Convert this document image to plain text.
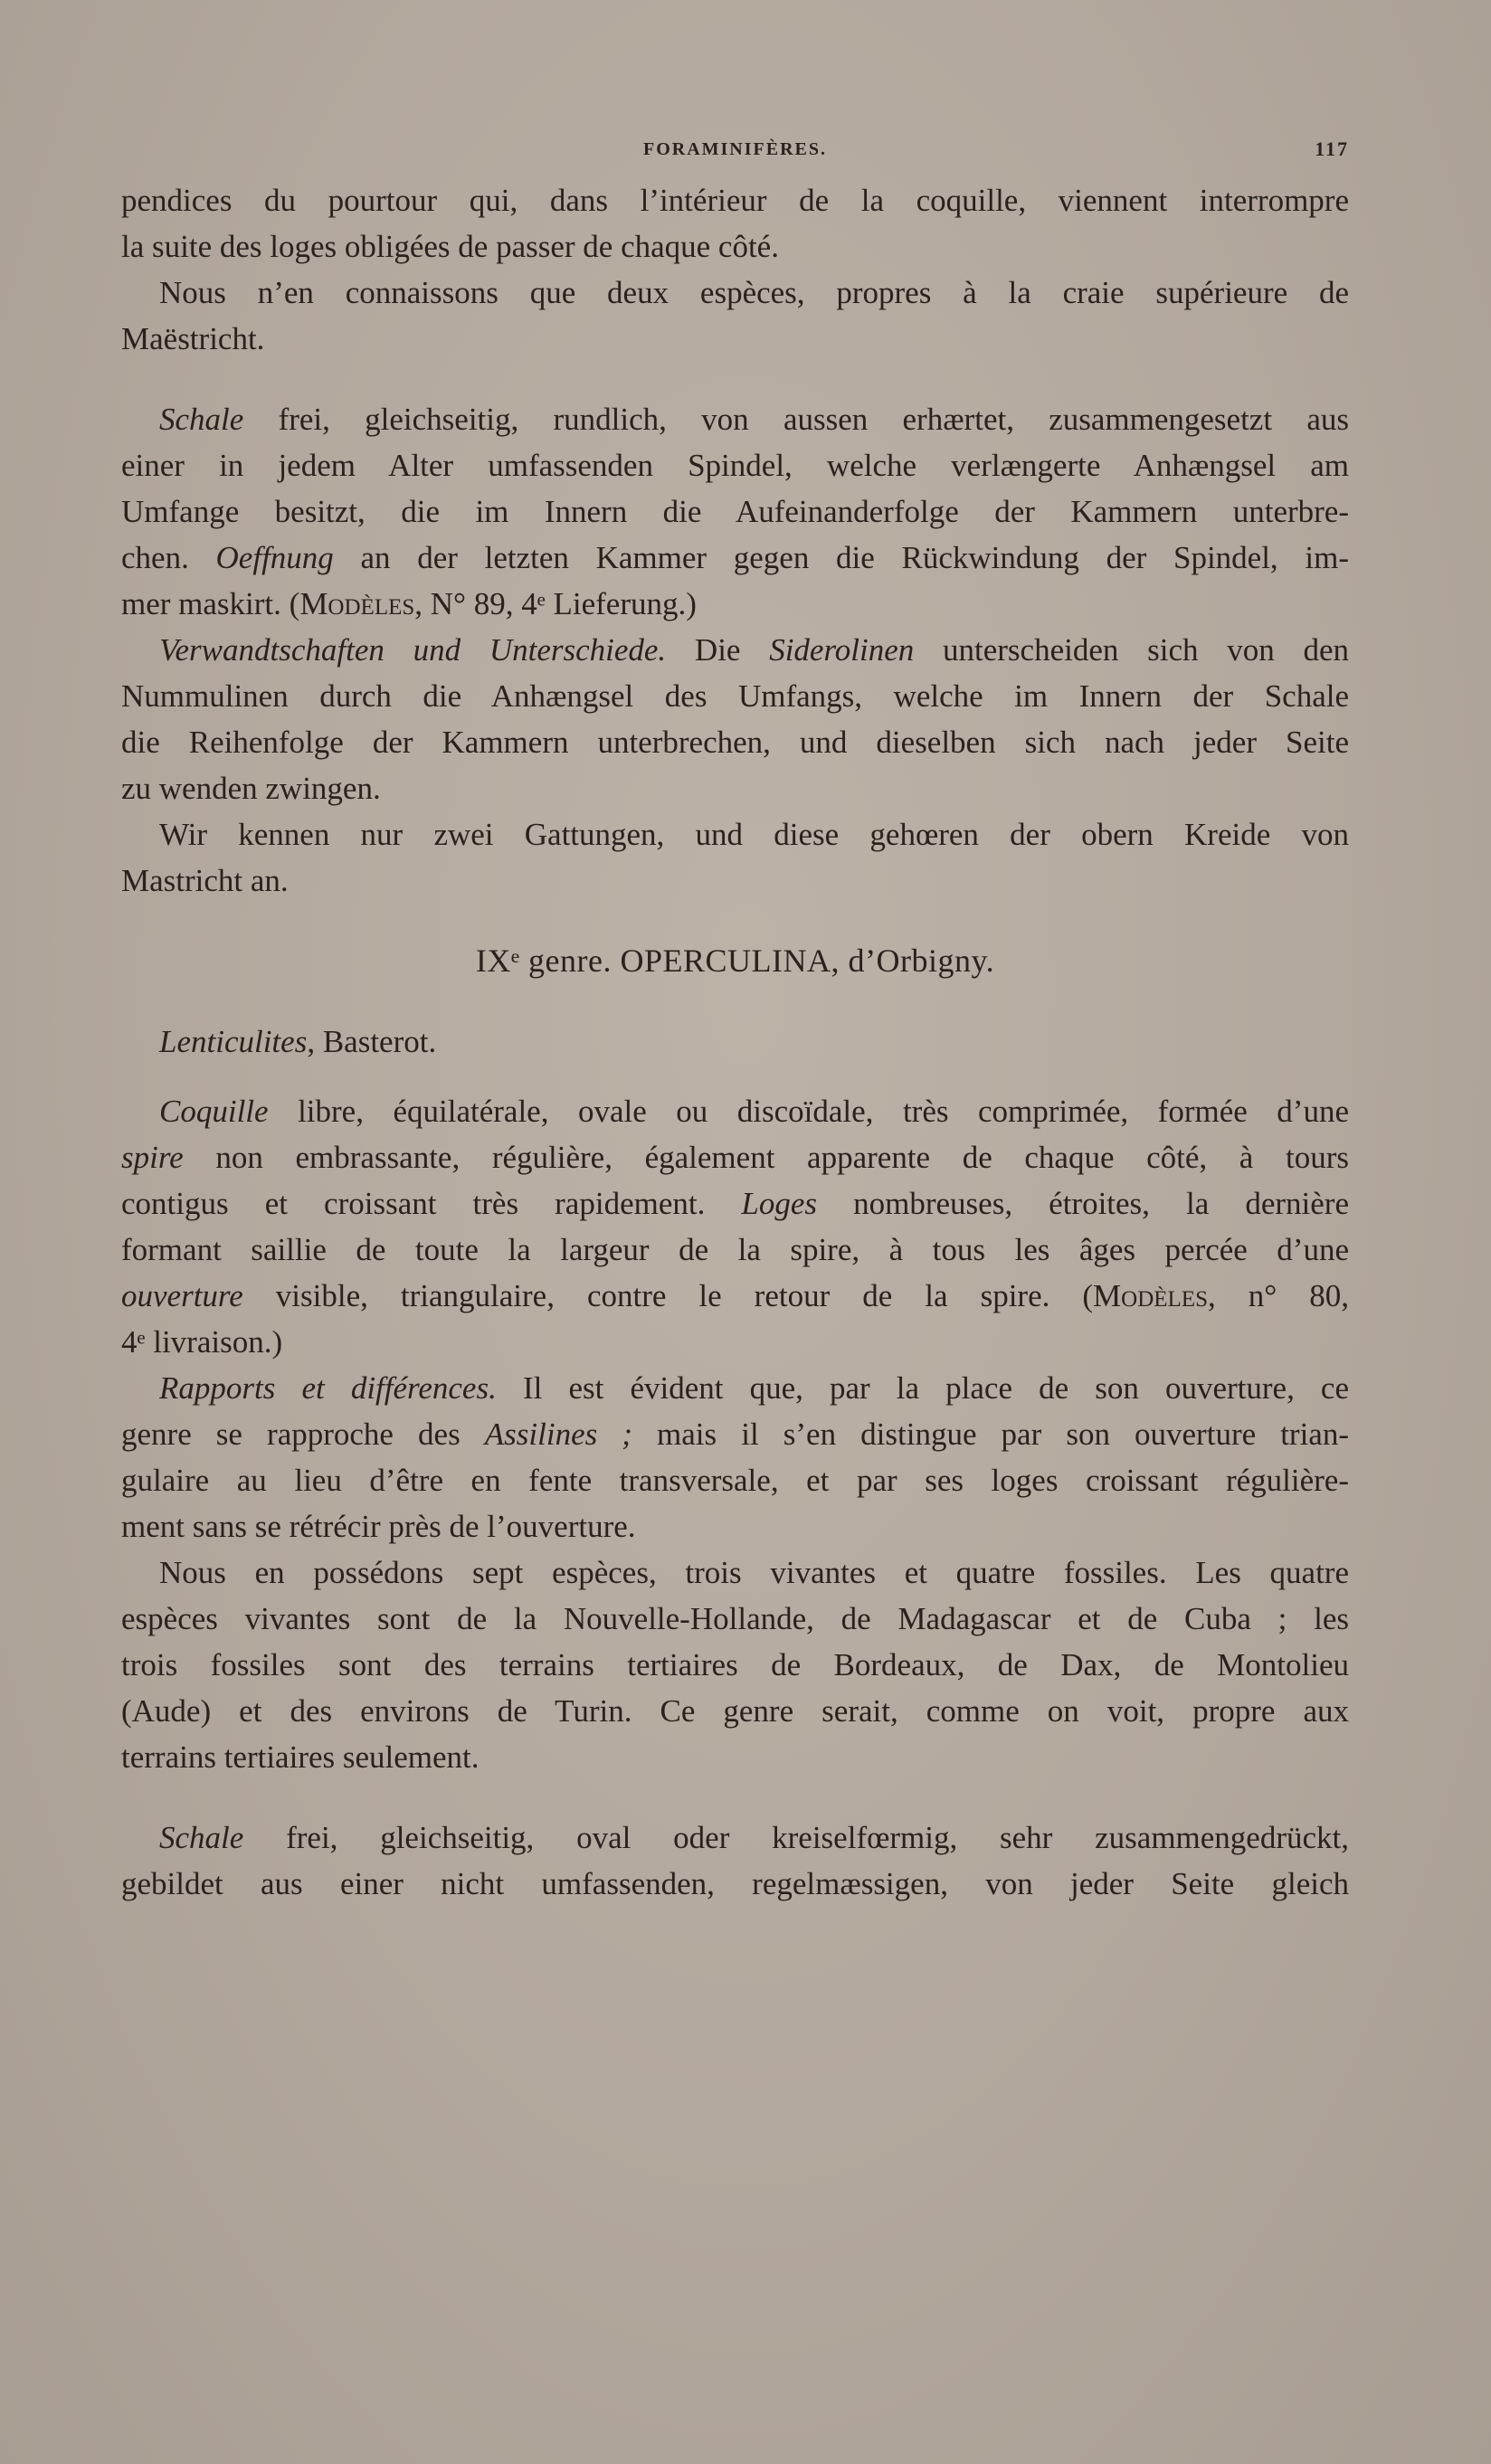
FORAMINIFÈRES.	117
pendices du pourtour qui, dans l’intérieur de la coquille, viennent interrompre
la suite des loges obligées de passer de chaque côté.
Nous n’en connaissons que deux espèces, propres à la craie supérieure de
Maëstricht.
Schale frei, gleichseitig, rundlich, von aussen erhærtet, zusammengesetzt aus
einer in jedem Alter umfassenden Spindel, welche verlængerte Anhængsel am
Umfange besitzt, die im Innern die Aufeinanderfolge der Kammern unterbre-
chen. Oeffnung an der letzten Kammer gegen die Rückwindung der Spindel, im-
mer maskirt. (Modèles, N° 89, 4ᵉ Lieferung.)
Verwandtschaften und Unterschiede. Die Siderolinen unterscheiden sich von den
Nummulinen durch die Anhængsel des Umfangs, welche im Innern der Schale
die Reihenfolge der Kammern unterbrechen, und dieselben sich nach jeder Seite
zu wenden zwingen.
Wir kennen nur zwei Gattungen, und diese gehœren der obern Kreide von
Mastricht an.
IXᵉ genre. OPERCULINA, d’Orbigny.
Lenticulites, Basterot.
Coquille libre, équilatérale, ovale ou discoïdale, très comprimée, formée d’une
spire non embrassante, régulière, également apparente de chaque côté, à tours
contigus et croissant très rapidement. Loges nombreuses, étroites, la dernière
formant saillie de toute la largeur de la spire, à tous les âges percée d’une
ouverture visible, triangulaire, contre le retour de la spire. (Modèles, n° 80,
4ᵉ livraison.)
Rapports et différences. Il est évident que, par la place de son ouverture, ce
genre se rapproche des Assilines ; mais il s’en distingue par son ouverture trian-
gulaire au lieu d’être en fente transversale, et par ses loges croissant régulière-
ment sans se rétrécir près de l’ouverture.
Nous en possédons sept espèces, trois vivantes et quatre fossiles. Les quatre
espèces vivantes sont de la Nouvelle-Hollande, de Madagascar et de Cuba ; les
trois fossiles sont des terrains tertiaires de Bordeaux, de Dax, de Montolieu
(Aude) et des environs de Turin. Ce genre serait, comme on voit, propre aux
terrains tertiaires seulement.
Schale frei, gleichseitig, oval oder kreiselfœrmig, sehr zusammengedrückt,
gebildet aus einer nicht umfassenden, regelmæssigen, von jeder Seite gleich
